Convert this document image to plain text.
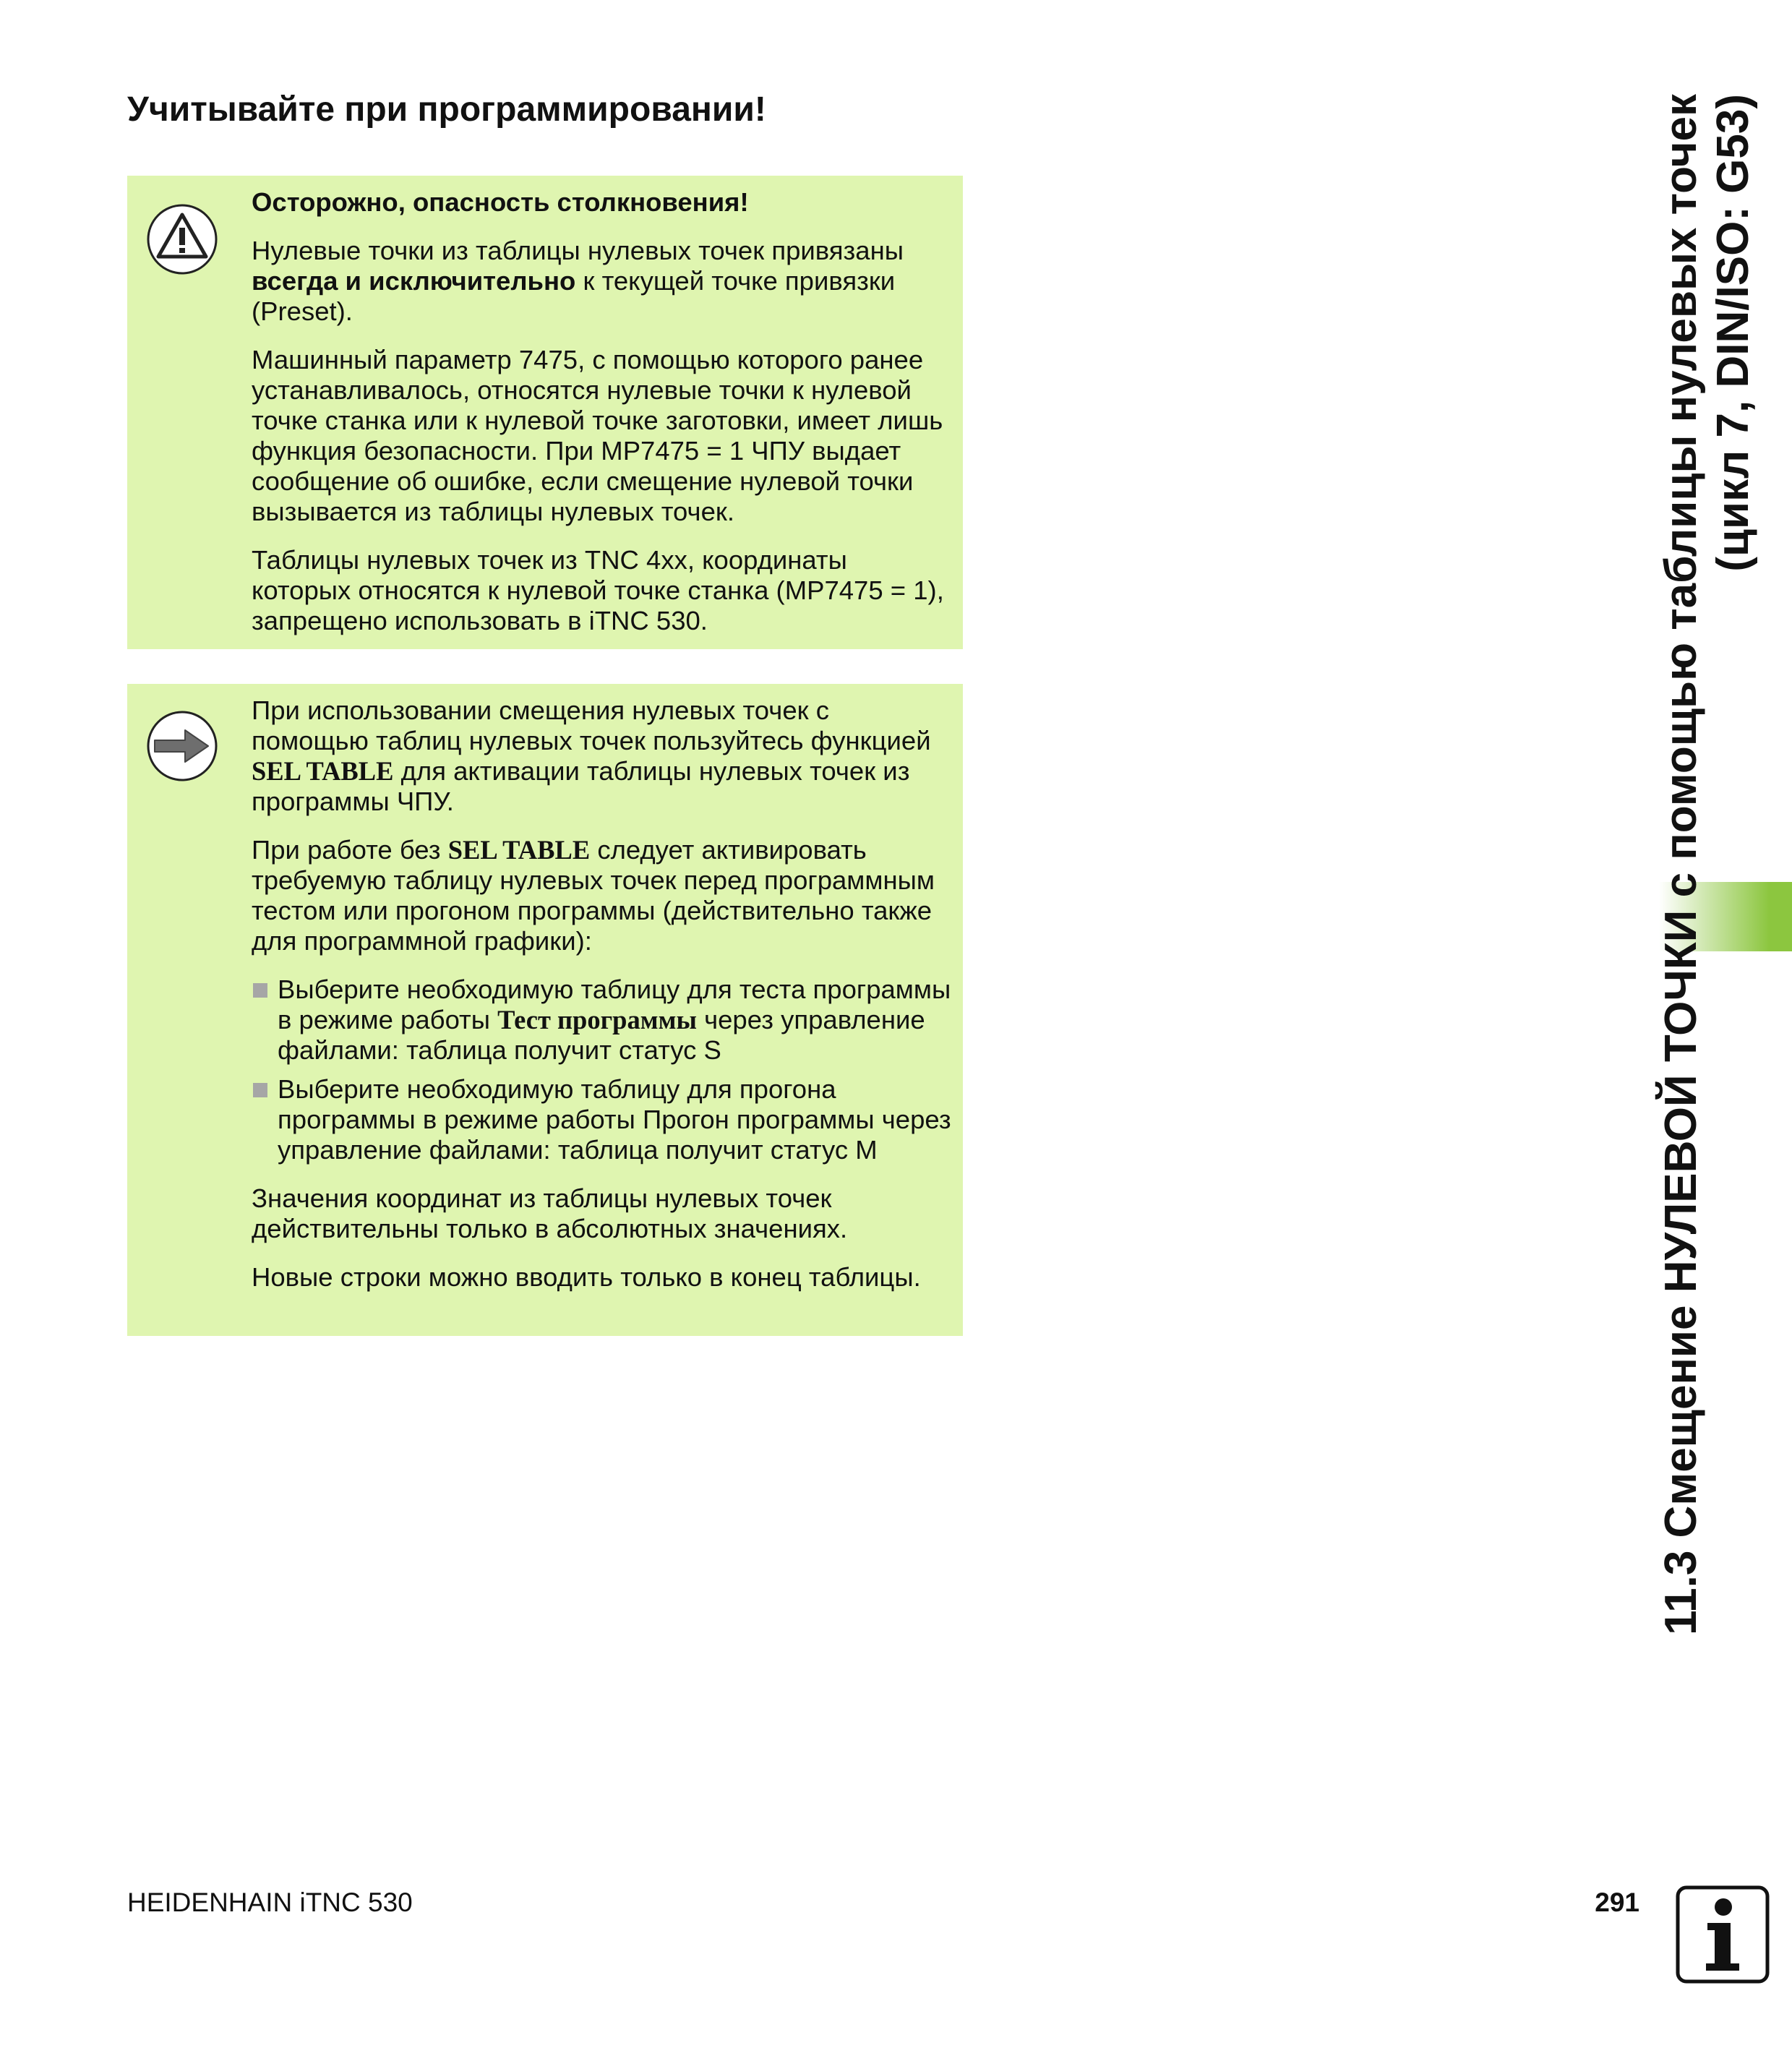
Учитывайте при программировании!

Осторожно, опасность столкновения!

Нулевые точки из таблицы нулевых точек привязаны всегда и исключительно к текущей точке привязки (Preset).

Машинный параметр 7475, с помощью которого ранее устанавливалось, относятся нулевые точки к нулевой точке станка или к нулевой точке заготовки, имеет лишь функция безопасности. При MP7475 = 1 ЧПУ выдает сообщение об ошибке, если смещение нулевой точки вызывается из таблицы нулевых точек.

Таблицы нулевых точек из TNC 4xx, координаты которых относятся к нулевой точке станка (MP7475 = 1), запрещено использовать в iTNC 530.

При использовании смещения нулевых точек с помощью таблиц нулевых точек пользуйтесь функцией SEL TABLE для активации таблицы нулевых точек из программы ЧПУ.

При работе без SEL TABLE следует активировать требуемую таблицу нулевых точек перед программным тестом или прогоном программы (действительно также для программной графики):

Выберите необходимую таблицу для теста программы в режиме работы Тест программы через управление файлами: таблица получит статус S
Выберите необходимую таблицу для прогона программы в режиме работы Прогон программы через управление файлами: таблица получит статус M

Значения координат из таблицы нулевых точек действительны только в абсолютных значениях.

Новые строки можно вводить только в конец таблицы.	11.3 Смещение НУЛЕВОЙ ТОЧКИ с помощью таблицы нулевых точек (цикл 7, DIN/ISO: G53)
HEIDENHAIN iTNC 530	291
